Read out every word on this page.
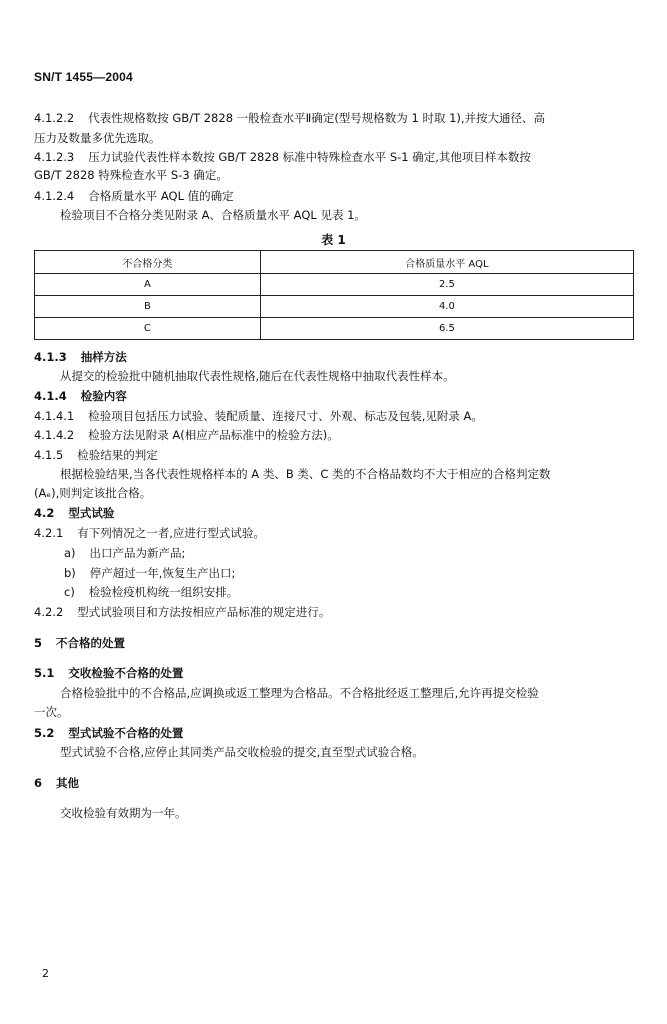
SN/T 1455—2004
4.1.2.2 代表性规格数按 GB/T 2828 一般检查水平Ⅱ确定(型号规格数为 1 时取 1),并按大通径、高
压力及数量多优先选取。
4.1.2.3 压力试验代表性样本数按 GB/T 2828 标准中特殊检查水平 S-1 确定,其他项目样本数按
GB/T 2828 特殊检查水平 S-3 确定。
4.1.2.4 合格质量水平 AQL 值的确定
检验项目不合格分类见附录 A、合格质量水平 AQL 见表 1。
表 1
不合格分类	合格质量水平 AQL
A	2.5
B	4.0
C	6.5
4.1.3 抽样方法
从提交的检验批中随机抽取代表性规格,随后在代表性规格中抽取代表性样本。
4.1.4 检验内容
4.1.4.1 检验项目包括压力试验、装配质量、连接尺寸、外观、标志及包装,见附录 A。
4.1.4.2 检验方法见附录 A(相应产品标准中的检验方法)。
4.1.5 检验结果的判定
根据检验结果,当各代表性规格样本的 A 类、B 类、C 类的不合格品数均不大于相应的合格判定数
(Aₑ),则判定该批合格。
4.2 型式试验
4.2.1 有下列情况之一者,应进行型式试验。
a) 出口产品为新产品;
b) 停产超过一年,恢复生产出口;
c) 检验检疫机构统一组织安排。
4.2.2 型式试验项目和方法按相应产品标准的规定进行。
5 不合格的处置
5.1 交收检验不合格的处置
合格检验批中的不合格品,应调换或返工整理为合格品。不合格批经返工整理后,允许再提交检验
一次。
5.2 型式试验不合格的处置
型式试验不合格,应停止其同类产品交收检验的提交,直至型式试验合格。
6 其他
交收检验有效期为一年。
2
